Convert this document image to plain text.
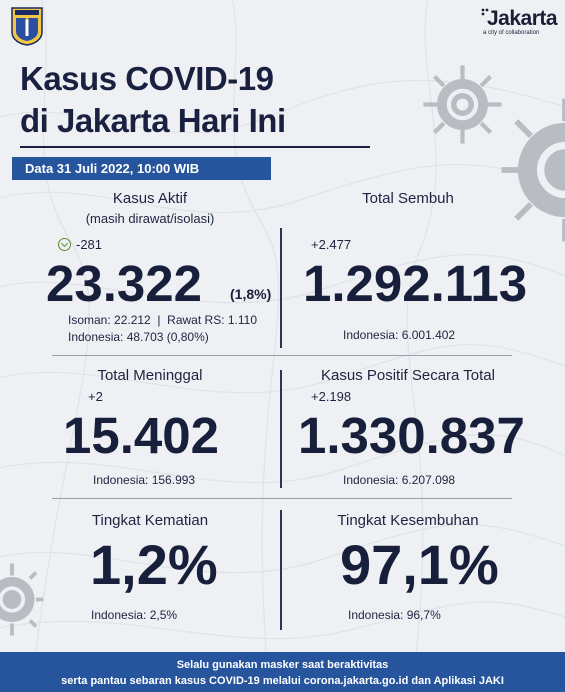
Jakarta
a city of collaboration
Kasus COVID-19
di Jakarta Hari Ini
Data 31 Juli 2022, 10:00 WIB
Kasus Aktif
(masih dirawat/isolasi)
-281
23.322 (1,8%)
Isoman: 22.212  |  Rawat RS: 1.110
Indonesia: 48.703 (0,80%)
Total Sembuh
+2.477
1.292.113
Indonesia: 6.001.402
Total Meninggal
+2
15.402
Indonesia: 156.993
Kasus Positif Secara Total
+2.198
1.330.837
Indonesia: 6.207.098
Tingkat Kematian
1,2%
Indonesia: 2,5%
Tingkat Kesembuhan
97,1%
Indonesia: 96,7%
Selalu gunakan masker saat beraktivitas
serta pantau sebaran kasus COVID-19 melalui corona.jakarta.go.id dan Aplikasi JAKI
